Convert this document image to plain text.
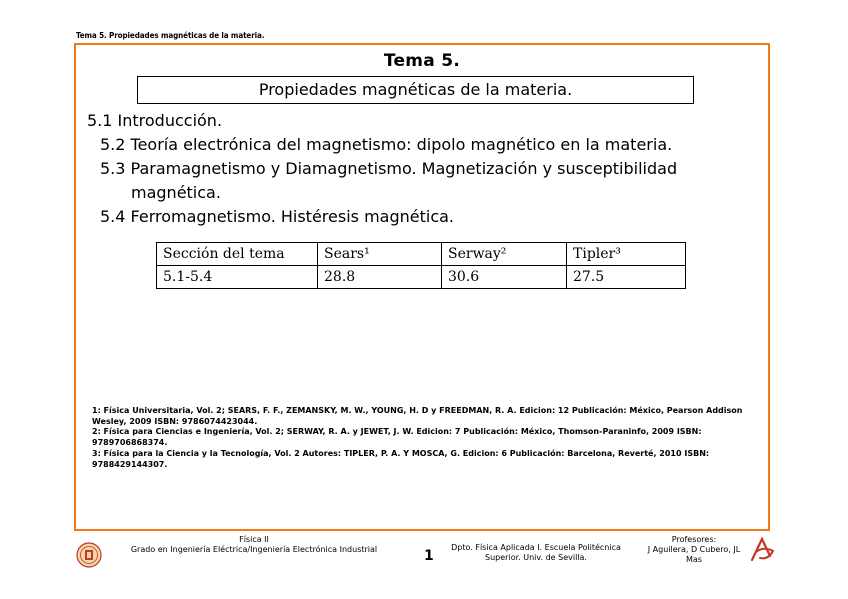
Tema 5. Propiedades magnéticas de la materia.
Tema 5.
Propiedades magnéticas de la materia.
5.1 Introducción.
5.2 Teoría electrónica del magnetismo: dipolo magnético en la materia.
5.3 Paramagnetismo y Diamagnetismo. Magnetización y susceptibilidad
magnética.
5.4 Ferromagnetismo. Histéresis magnética.
Sección del tema	Sears¹	Serway²	Tipler³
5.1-5.4	28.8	30.6	27.5
1: Física Universitaria, Vol. 2; SEARS, F. F., ZEMANSKY, M. W., YOUNG, H. D y FREEDMAN, R. A. Edicion: 12 Publicación: México, Pearson Addison Wesley, 2009 ISBN: 9786074423044.
2: Física para Ciencias e Ingeniería, Vol. 2; SERWAY, R. A. y JEWET, J. W. Edicion: 7 Publicación: México, Thomson-Paraninfo, 2009 ISBN: 9789706868374.
3: Física para la Ciencia y la Tecnología, Vol. 2 Autores: TIPLER, P. A. Y MOSCA, G. Edicion: 6 Publicación: Barcelona, Reverté, 2010 ISBN: 9788429144307.
Física II
Grado en Ingeniería Eléctrica/Ingeniería Electrónica Industrial	1
Dpto. Física Aplicada I. Escuela Politécnica
Superior. Univ. de Sevilla.
Profesores:
J Aguilera, D Cubero, JL
Mas
